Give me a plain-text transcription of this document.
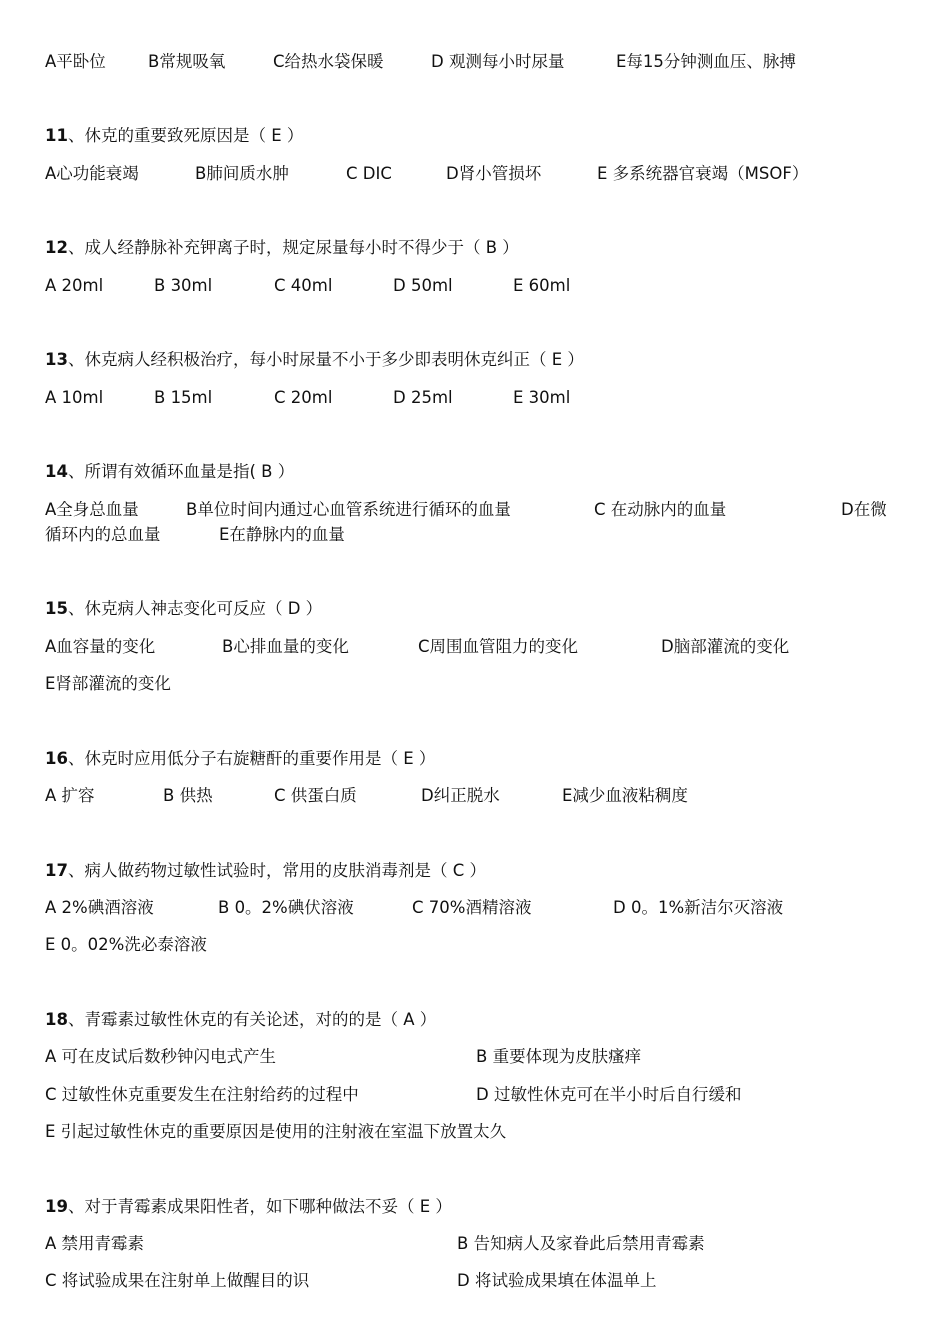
A平卧位	B常规吸氧	C给热水袋保暖	D 观测每小时尿量	E每15分钟测血压、脉搏
11、休克的重要致死原因是（ E ）
A心功能衰竭	B肺间质水肿	C DIC	D肾小管损坏	E 多系统器官衰竭（MSOF）
12、成人经静脉补充钾离子时，规定尿量每小时不得少于（ B ）
A 20ml	B 30ml	C 40ml	D 50ml	E 60ml
13、休克病人经积极治疗，每小时尿量不小于多少即表明休克纠正（ E ）
A 10ml	B 15ml	C 20ml	D 25ml	E 30ml
14、所谓有效循环血量是指( B ）
A全身总血量	B单位时间内通过心血管系统进行循环的血量	C 在动脉内的血量	D在微
循环内的总血量	E在静脉内的血量
15、休克病人神志变化可反应（ D ）
A血容量的变化	B心排血量的变化	C周围血管阻力的变化	D脑部灌流的变化
E肾部灌流的变化
16、休克时应用低分子右旋糖酐的重要作用是（ E ）
A 扩容	B 供热	C 供蛋白质	D纠正脱水	E减少血液粘稠度
17、病人做药物过敏性试验时，常用的皮肤消毒剂是（ C ）
A 2%碘酒溶液	B 0。2%碘伏溶液	C 70%酒精溶液	D 0。1%新洁尔灭溶液
E 0。02%洗必泰溶液
18、青霉素过敏性休克的有关论述，对的的是（ A ）
A 可在皮试后数秒钟闪电式产生	B 重要体现为皮肤瘙痒
C 过敏性休克重要发生在注射给药的过程中	D 过敏性休克可在半小时后自行缓和
E 引起过敏性休克的重要原因是使用的注射液在室温下放置太久
19、对于青霉素成果阳性者，如下哪种做法不妥（ E ）
A 禁用青霉素	B 告知病人及家眷此后禁用青霉素
C 将试验成果在注射单上做醒目的识	D 将试验成果填在体温单上
